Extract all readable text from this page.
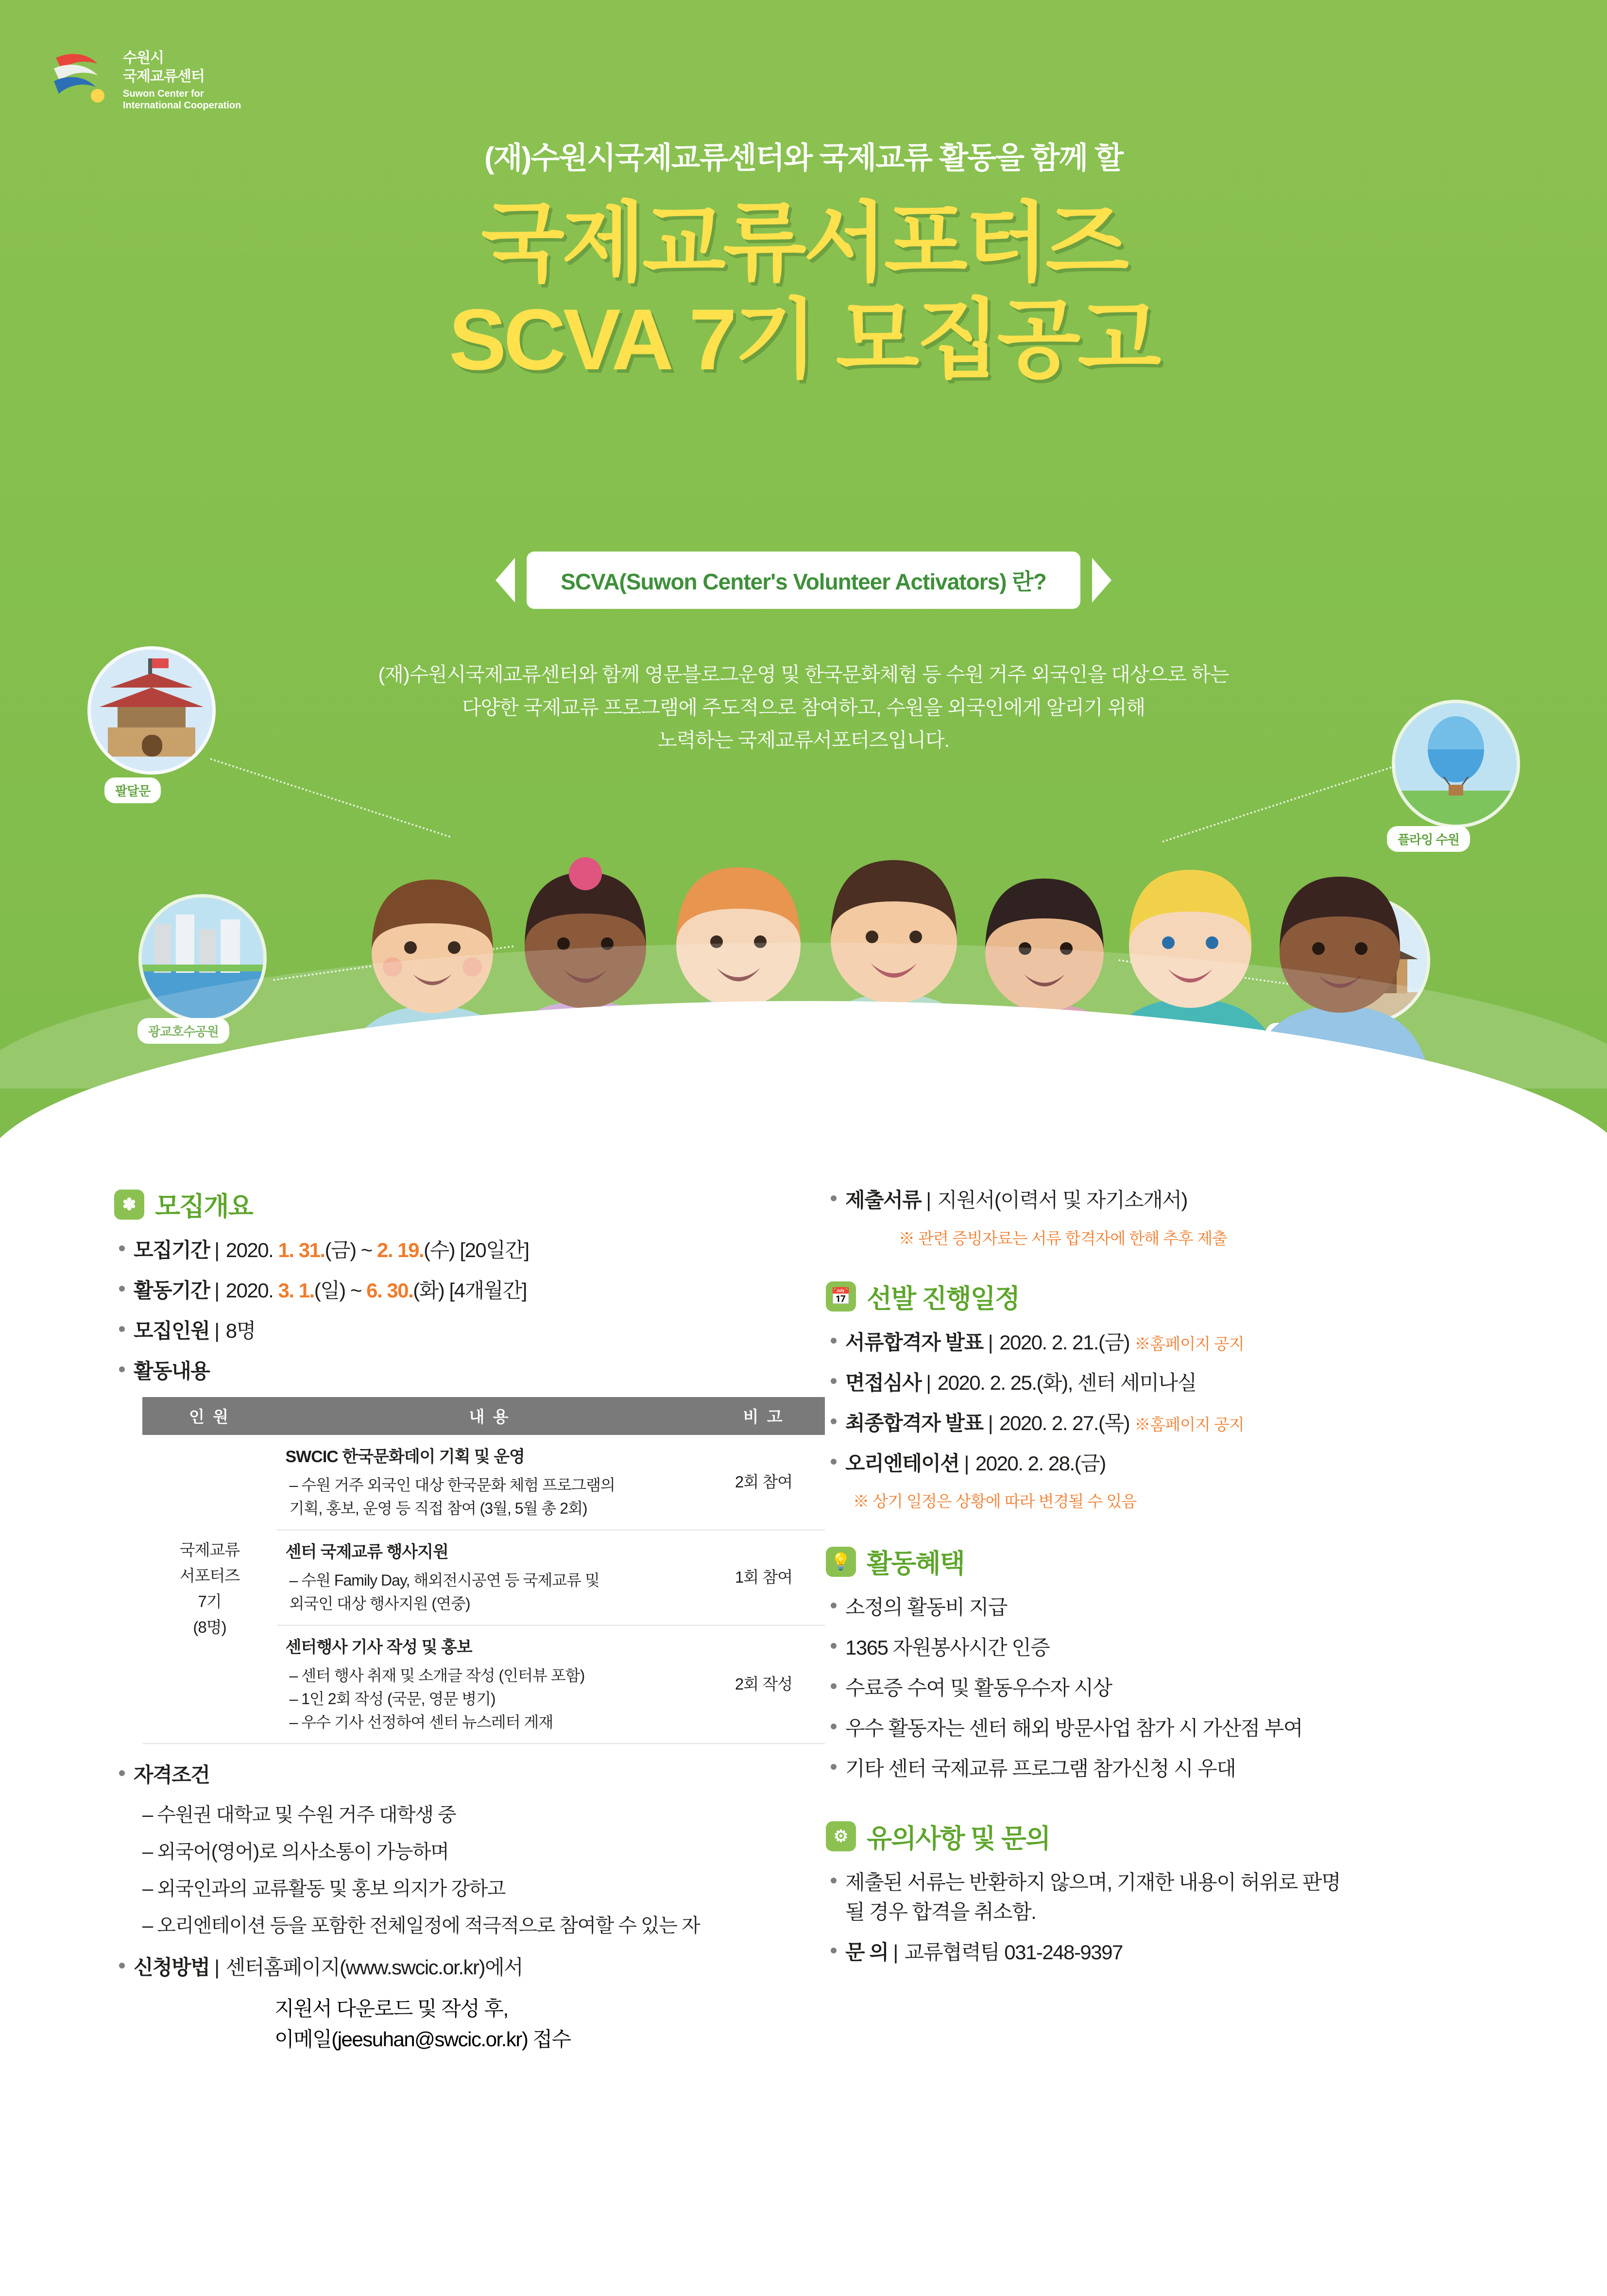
수원시
국제교류센터
Suwon Center for
International Cooperation
(재)수원시국제교류센터와 국제교류 활동을 함께 할
국제교류서포터즈
SCVA 7기 모집공고
SCVA(Suwon Center's Volunteer Activators) 란?
(재)수원시국제교류센터와 함께 영문블로그운영 및 한국문화체험 등 수원 거주 외국인을 대상으로 하는
다양한 국제교류 프로그램에 주도적으로 참여하고, 수원을 외국인에게 알리기 위해
노력하는 국제교류서포터즈입니다.
팔달문
광교호수공원
플라잉 수원
✽ 모집개요
모집기간 | 2020. 1. 31.(금) ~ 2. 19.(수) [20일간]
활동기간 | 2020. 3. 1.(일) ~ 6. 30.(화) [4개월간]
모집인원 | 8명
활동내용
인 원	내 용	비 고

국제교류
서포터즈
7기
(8명)

SWCIC 한국문화데이 기획 및 운영
– 수원 거주 외국인 대상 한국문화 체험 프로그램의
기획, 홍보, 운영 등 직접 참여 (3월, 5월 총 2회)
	2회 참여

	센터 국제교류 행사지원
– 수원 Family Day, 해외전시공연 등 국제교류 및
외국인 대상 행사지원 (연중)	1회 참여

	센터행사 기사 작성 및 홍보
– 센터 행사 취재 및 소개글 작성 (인터뷰 포함)
– 1인 2회 작성 (국문, 영문 병기)
– 우수 기사 선정하여 센터 뉴스레터 게재	2회 작성
자격조건
– 수원권 대학교 및 수원 거주 대학생 중
– 외국어(영어)로 의사소통이 가능하며
– 외국인과의 교류활동 및 홍보 의지가 강하고
– 오리엔테이션 등을 포함한 전체일정에 적극적으로 참여할 수 있는 자
신청방법 | 센터홈페이지(www.swcic.or.kr)에서
지원서 다운로드 및 작성 후,
이메일(jeesuhan@swcic.or.kr) 접수
제출서류 | 지원서(이력서 및 자기소개서)
※ 관련 증빙자료는 서류 합격자에 한해 추후 제출
📅 선발 진행일정
서류합격자 발표 | 2020. 2. 21.(금) ※홈페이지 공지
면접심사 | 2020. 2. 25.(화), 센터 세미나실
최종합격자 발표 | 2020. 2. 27.(목) ※홈페이지 공지
오리엔테이션 | 2020. 2. 28.(금)
※ 상기 일정은 상황에 따라 변경될 수 있음
💡 활동혜택
소정의 활동비 지급
1365 자원봉사시간 인증
수료증 수여 및 활동우수자 시상
우수 활동자는 센터 해외 방문사업 참가 시 가산점 부여
기타 센터 국제교류 프로그램 참가신청 시 우대
⚙ 유의사항 및 문의
제출된 서류는 반환하지 않으며, 기재한 내용이 허위로 판명
될 경우 합격을 취소함.
문 의 | 교류협력팀 031-248-9397
